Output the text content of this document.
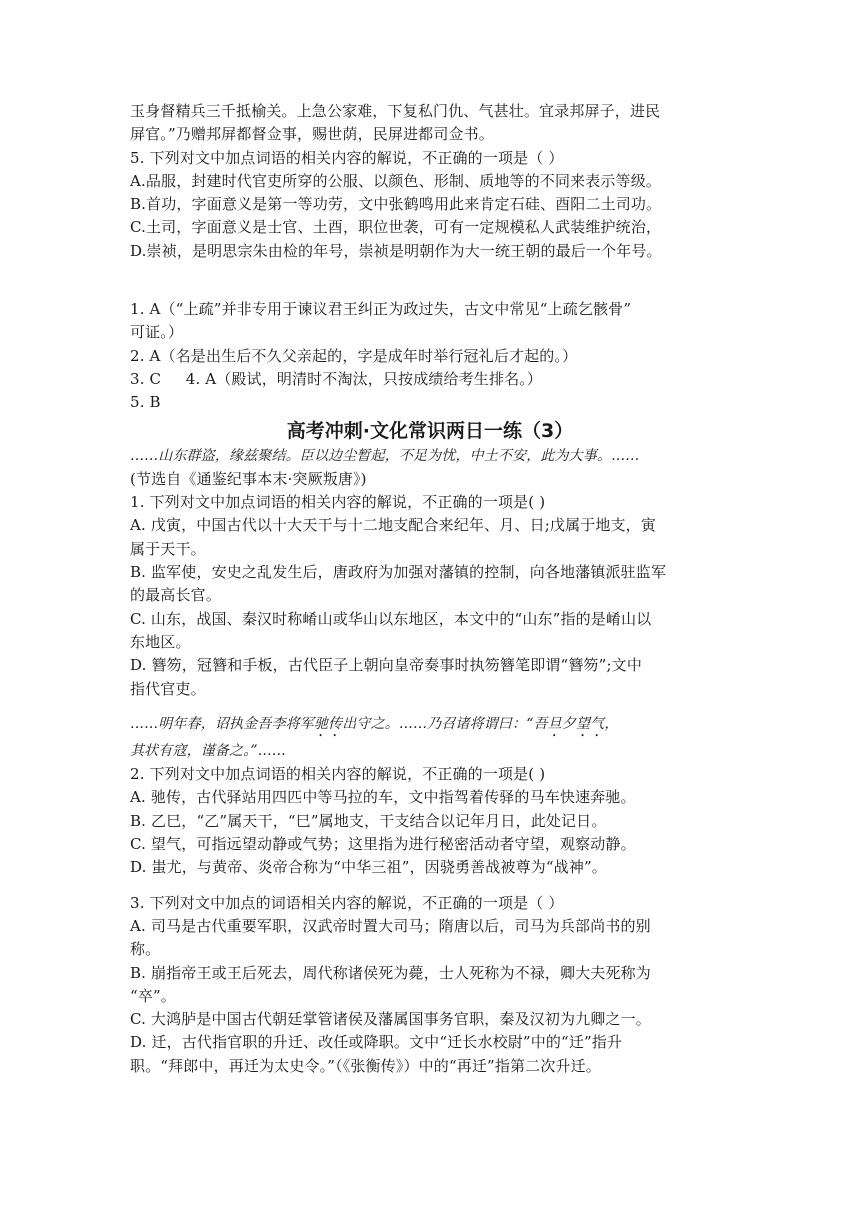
玉身督精兵三千抵榆关。上急公家难，下复私门仇、气甚壮。宜录邦屏子，进民
屏官。”乃赠邦屏都督佥事，赐世荫，民屏进都司佥书。
5. 下列对文中加点词语的相关内容的解说，不正确的一项是（ ）
A.品服，封建时代官吏所穿的公服、以颜色、形制、质地等的不同来表示等级。
B.首功，字面意义是第一等功劳，文中张鹤鸣用此来肯定石硅、酉阳二土司功。
C.土司，字面意义是士官、土酉，职位世袭，可有一定规模私人武装维护统治，
D.崇祯，是明思宗朱由检的年号，崇祯是明朝作为大一统王朝的最后一个年号。
1. A（“上疏”并非专用于谏议君王纠正为政过失，古文中常见“上疏乞骸骨”
可证。）
2. A（名是出生后不久父亲起的，字是成年时举行冠礼后才起的。）
3. C     4. A（殿试，明清时不淘汰，只按成绩给考生排名。）
5. B
高考冲刺·文化常识两日一练（3）
……山东群盗，缘兹聚结。臣以边尘暂起，不足为忧，中土不安，此为大事。……
(节选自《通鉴纪事本末·突厥叛唐》)
1. 下列对文中加点词语的相关内容的解说，不正确的一项是( )
A. 戊寅，中国古代以十大天干与十二地支配合来纪年、月、日;戊属于地支，寅
属于天干。
B. 监军使，安史之乱发生后，唐政府为加强对藩镇的控制，向各地藩镇派驻监军
的最高长官。
C. 山东，战国、秦汉时称崤山或华山以东地区，本文中的“山东”指的是崤山以
东地区。
D. 簪笏，冠簪和手板，古代臣子上朝向皇帝奏事时执笏簪笔即谓“簪笏”;文中
指代官吏。
……明年春，诏执金吾李将军驰传出守之。……乃召诸将谓曰：“吾旦夕望气，
其状有寇，谨备之。”……
2. 下列对文中加点词语的相关内容的解说，不正确的一项是( )
A. 驰传，古代驿站用四匹中等马拉的车，文中指驾着传驿的马车快速奔驰。
B. 乙巳，“乙”属天干，“巳”属地支，干支结合以记年月日，此处记日。
C. 望气，可指远望动静或气势；这里指为进行秘密活动者守望，观察动静。
D. 蚩尤，与黄帝、炎帝合称为“中华三祖”，因骁勇善战被尊为“战神”。
3. 下列对文中加点的词语相关内容的解说，不正确的一项是（ ）
A. 司马是古代重要军职，汉武帝时置大司马；隋唐以后，司马为兵部尚书的别
称。
B. 崩指帝王或王后死去，周代称诸侯死为薨，士人死称为不禄，卿大夫死称为
“卒”。
C. 大鸿胪是中国古代朝廷掌管诸侯及藩属国事务官职，秦及汉初为九卿之一。
D. 迁，古代指官职的升迁、改任或降职。文中“迁长水校尉”中的“迁”指升
职。“拜郎中，再迁为太史令。”（《张衡传》）中的“再迁”指第二次升迁。
